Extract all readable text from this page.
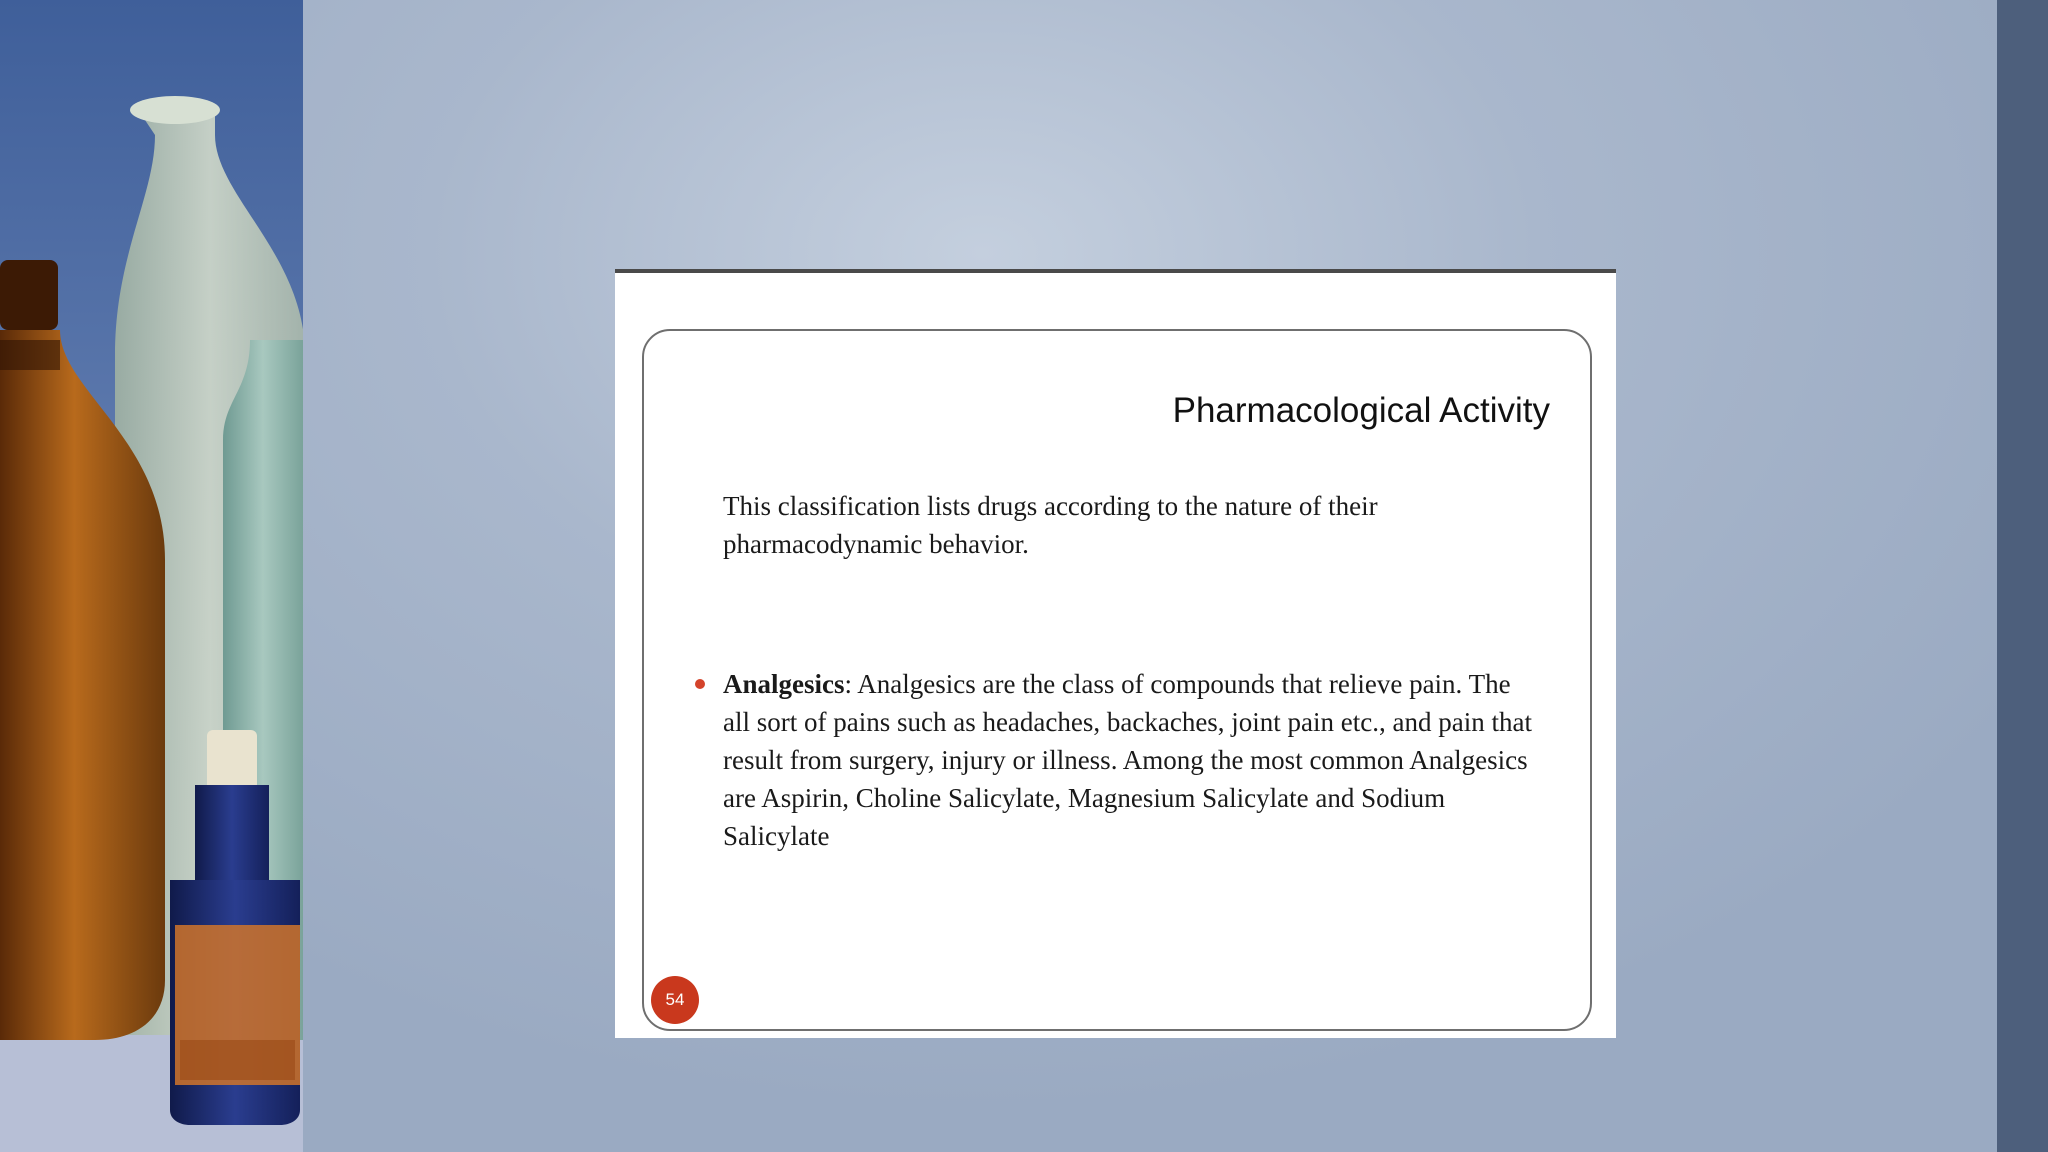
Pharmacological Activity

This classification lists drugs according to the nature of their pharmacodynamic behavior.

Analgesics: Analgesics are the class of compounds that relieve pain. The all sort of pains such as headaches, backaches, joint pain etc., and pain that result from surgery, injury or illness. Among the most common Analgesics are Aspirin, Choline Salicylate, Magnesium Salicylate and Sodium Salicylate
54
